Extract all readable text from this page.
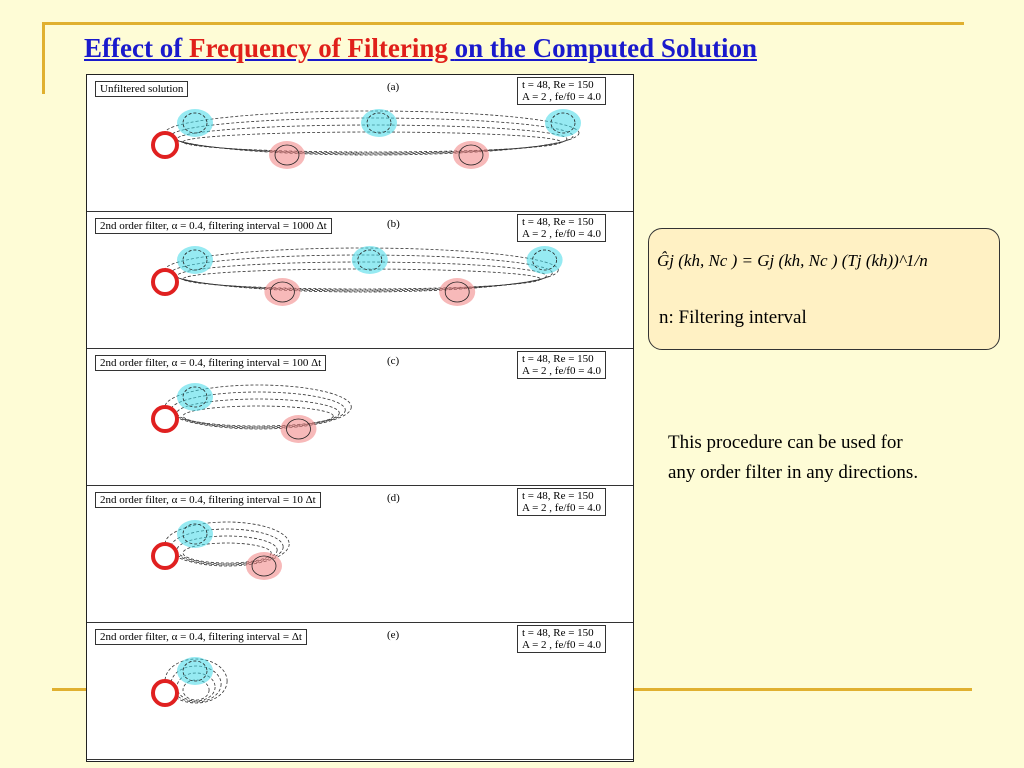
Effect of Frequency of Filtering on the Computed Solution
Unfiltered solution	(a)	t = 48, Re = 150
A = 2 , fe/f0 = 4.0
2nd order filter, α = 0.4, filtering interval = 1000 Δt	(b)	t = 48, Re = 150
A = 2 , fe/f0 = 4.0
2nd order filter, α = 0.4, filtering interval = 100 Δt	(c)	t = 48, Re = 150
A = 2 , fe/f0 = 4.0
2nd order filter, α = 0.4, filtering interval = 10 Δt	(d)	t = 48, Re = 150
A = 2 , fe/f0 = 4.0
2nd order filter, α = 0.4, filtering interval = Δt	(e)	t = 48, Re = 150
A = 2 , fe/f0 = 4.0
Ĝj (kh, Nc ) = Gj (kh, Nc ) (Tj (kh))^1/n
n: Filtering interval

This procedure can be used for any order filter in any directions.
